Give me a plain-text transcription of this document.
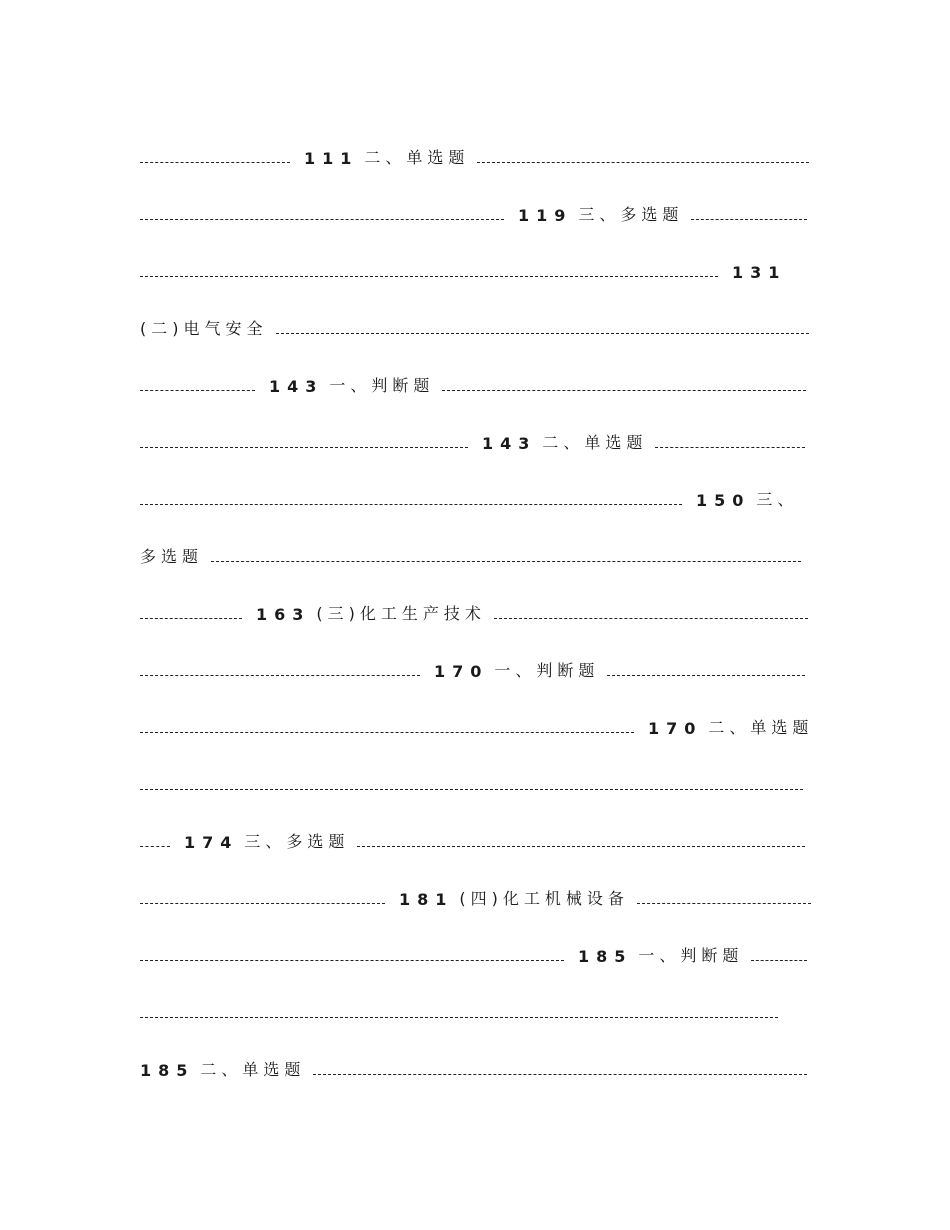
111 二、单选题
119 三、多选题
131
(二)电气安全
143 一、判断题
143 二、单选题
150 三、
多选题
163 (三)化工生产技术
170 一、判断题
170 二、单选题
174 三、多选题
181 (四)化工机械设备
185 一、判断题
185 二、单选题
